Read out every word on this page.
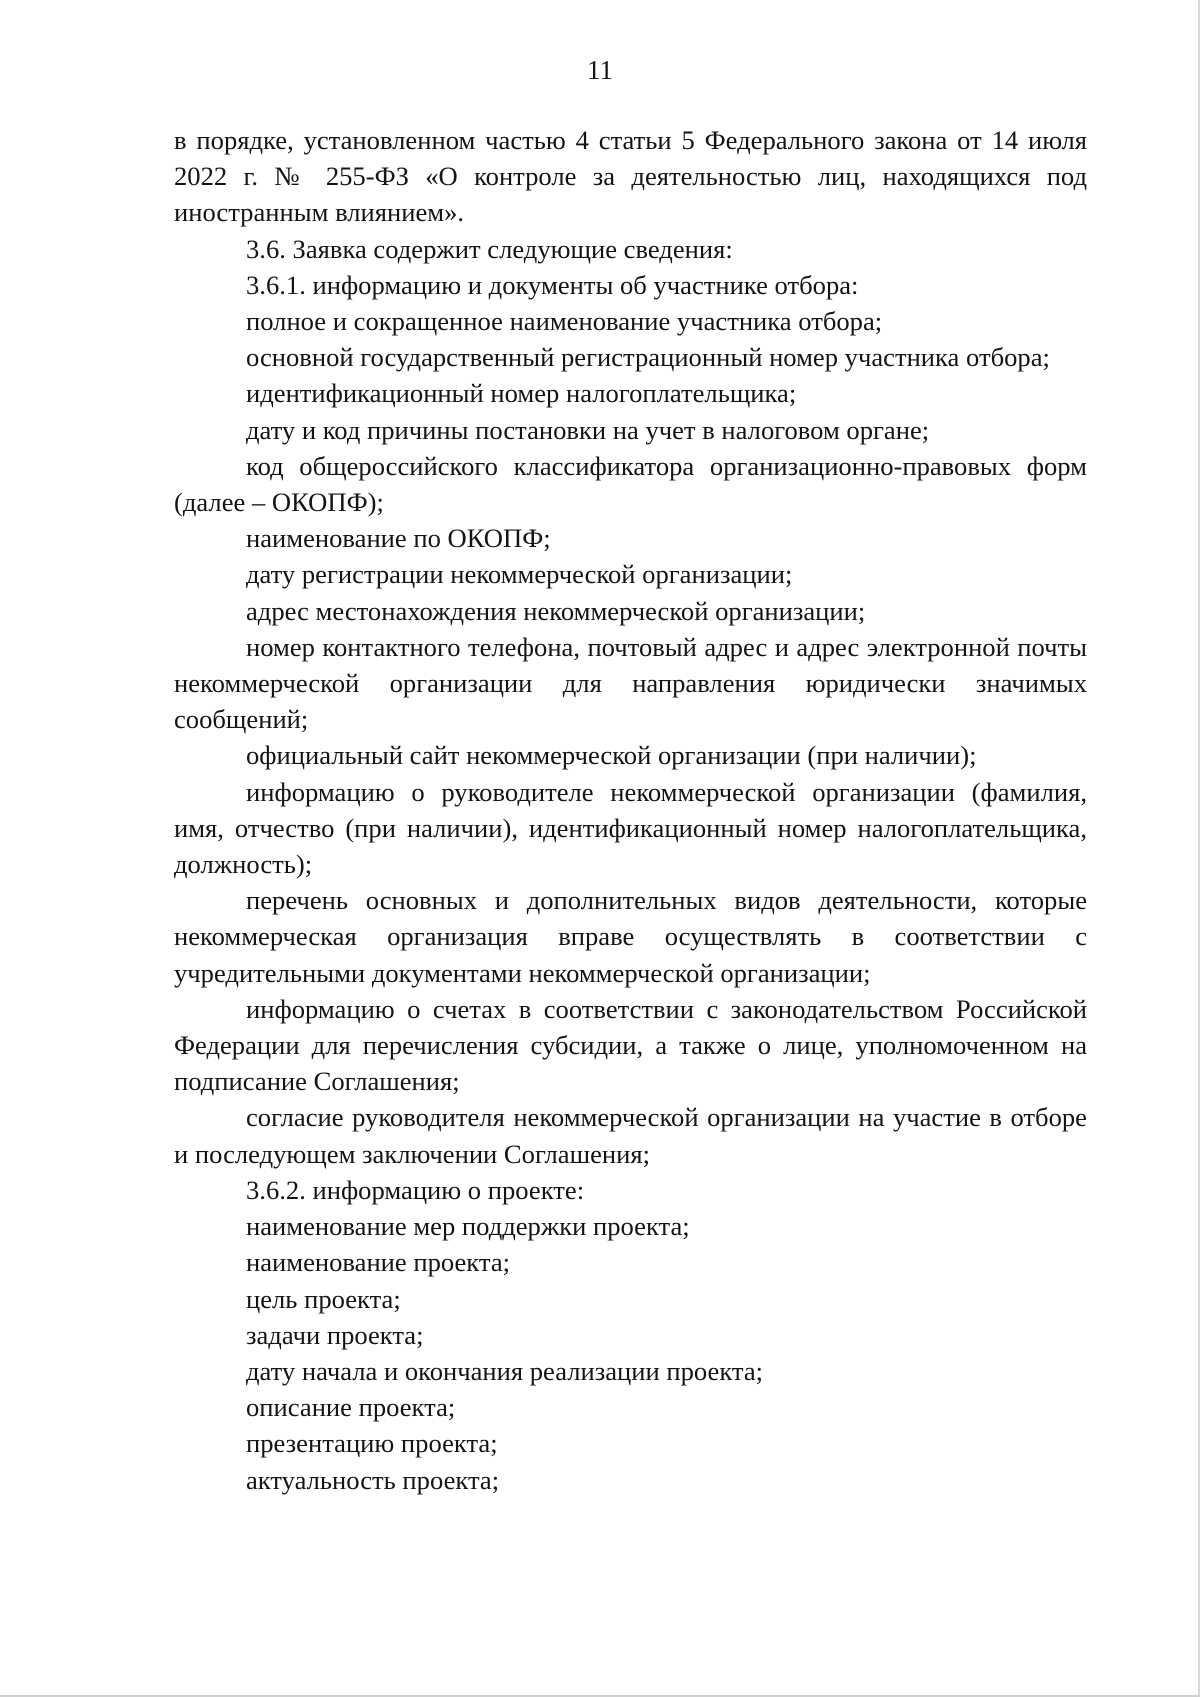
11

в порядке, установленном частью 4 статьи 5 Федерального закона от 14 июля 2022 г. № 255-ФЗ «О контроле за деятельностью лиц, находящихся под иностранным влиянием».

3.6. Заявка содержит следующие сведения:

3.6.1. информацию и документы об участнике отбора:

полное и сокращенное наименование участника отбора;

основной государственный регистрационный номер участника отбора;

идентификационный номер налогоплательщика;

дату и код причины постановки на учет в налоговом органе;

код общероссийского классификатора организационно-правовых форм (далее – ОКОПФ);

наименование по ОКОПФ;

дату регистрации некоммерческой организации;

адрес местонахождения некоммерческой организации;

номер контактного телефона, почтовый адрес и адрес электронной почты некоммерческой организации для направления юридически значимых сообщений;

официальный сайт некоммерческой организации (при наличии);

информацию о руководителе некоммерческой организации (фамилия, имя, отчество (при наличии), идентификационный номер налогоплательщика, должность);

перечень основных и дополнительных видов деятельности, которые некоммерческая организация вправе осуществлять в соответствии с учредительными документами некоммерческой организации;

информацию о счетах в соответствии с законодательством Российской Федерации для перечисления субсидии, а также о лице, уполномоченном на подписание Соглашения;

согласие руководителя некоммерческой организации на участие в отборе и последующем заключении Соглашения;

3.6.2. информацию о проекте:

наименование мер поддержки проекта;

наименование проекта;

цель проекта;

задачи проекта;

дату начала и окончания реализации проекта;

описание проекта;

презентацию проекта;

актуальность проекта;
